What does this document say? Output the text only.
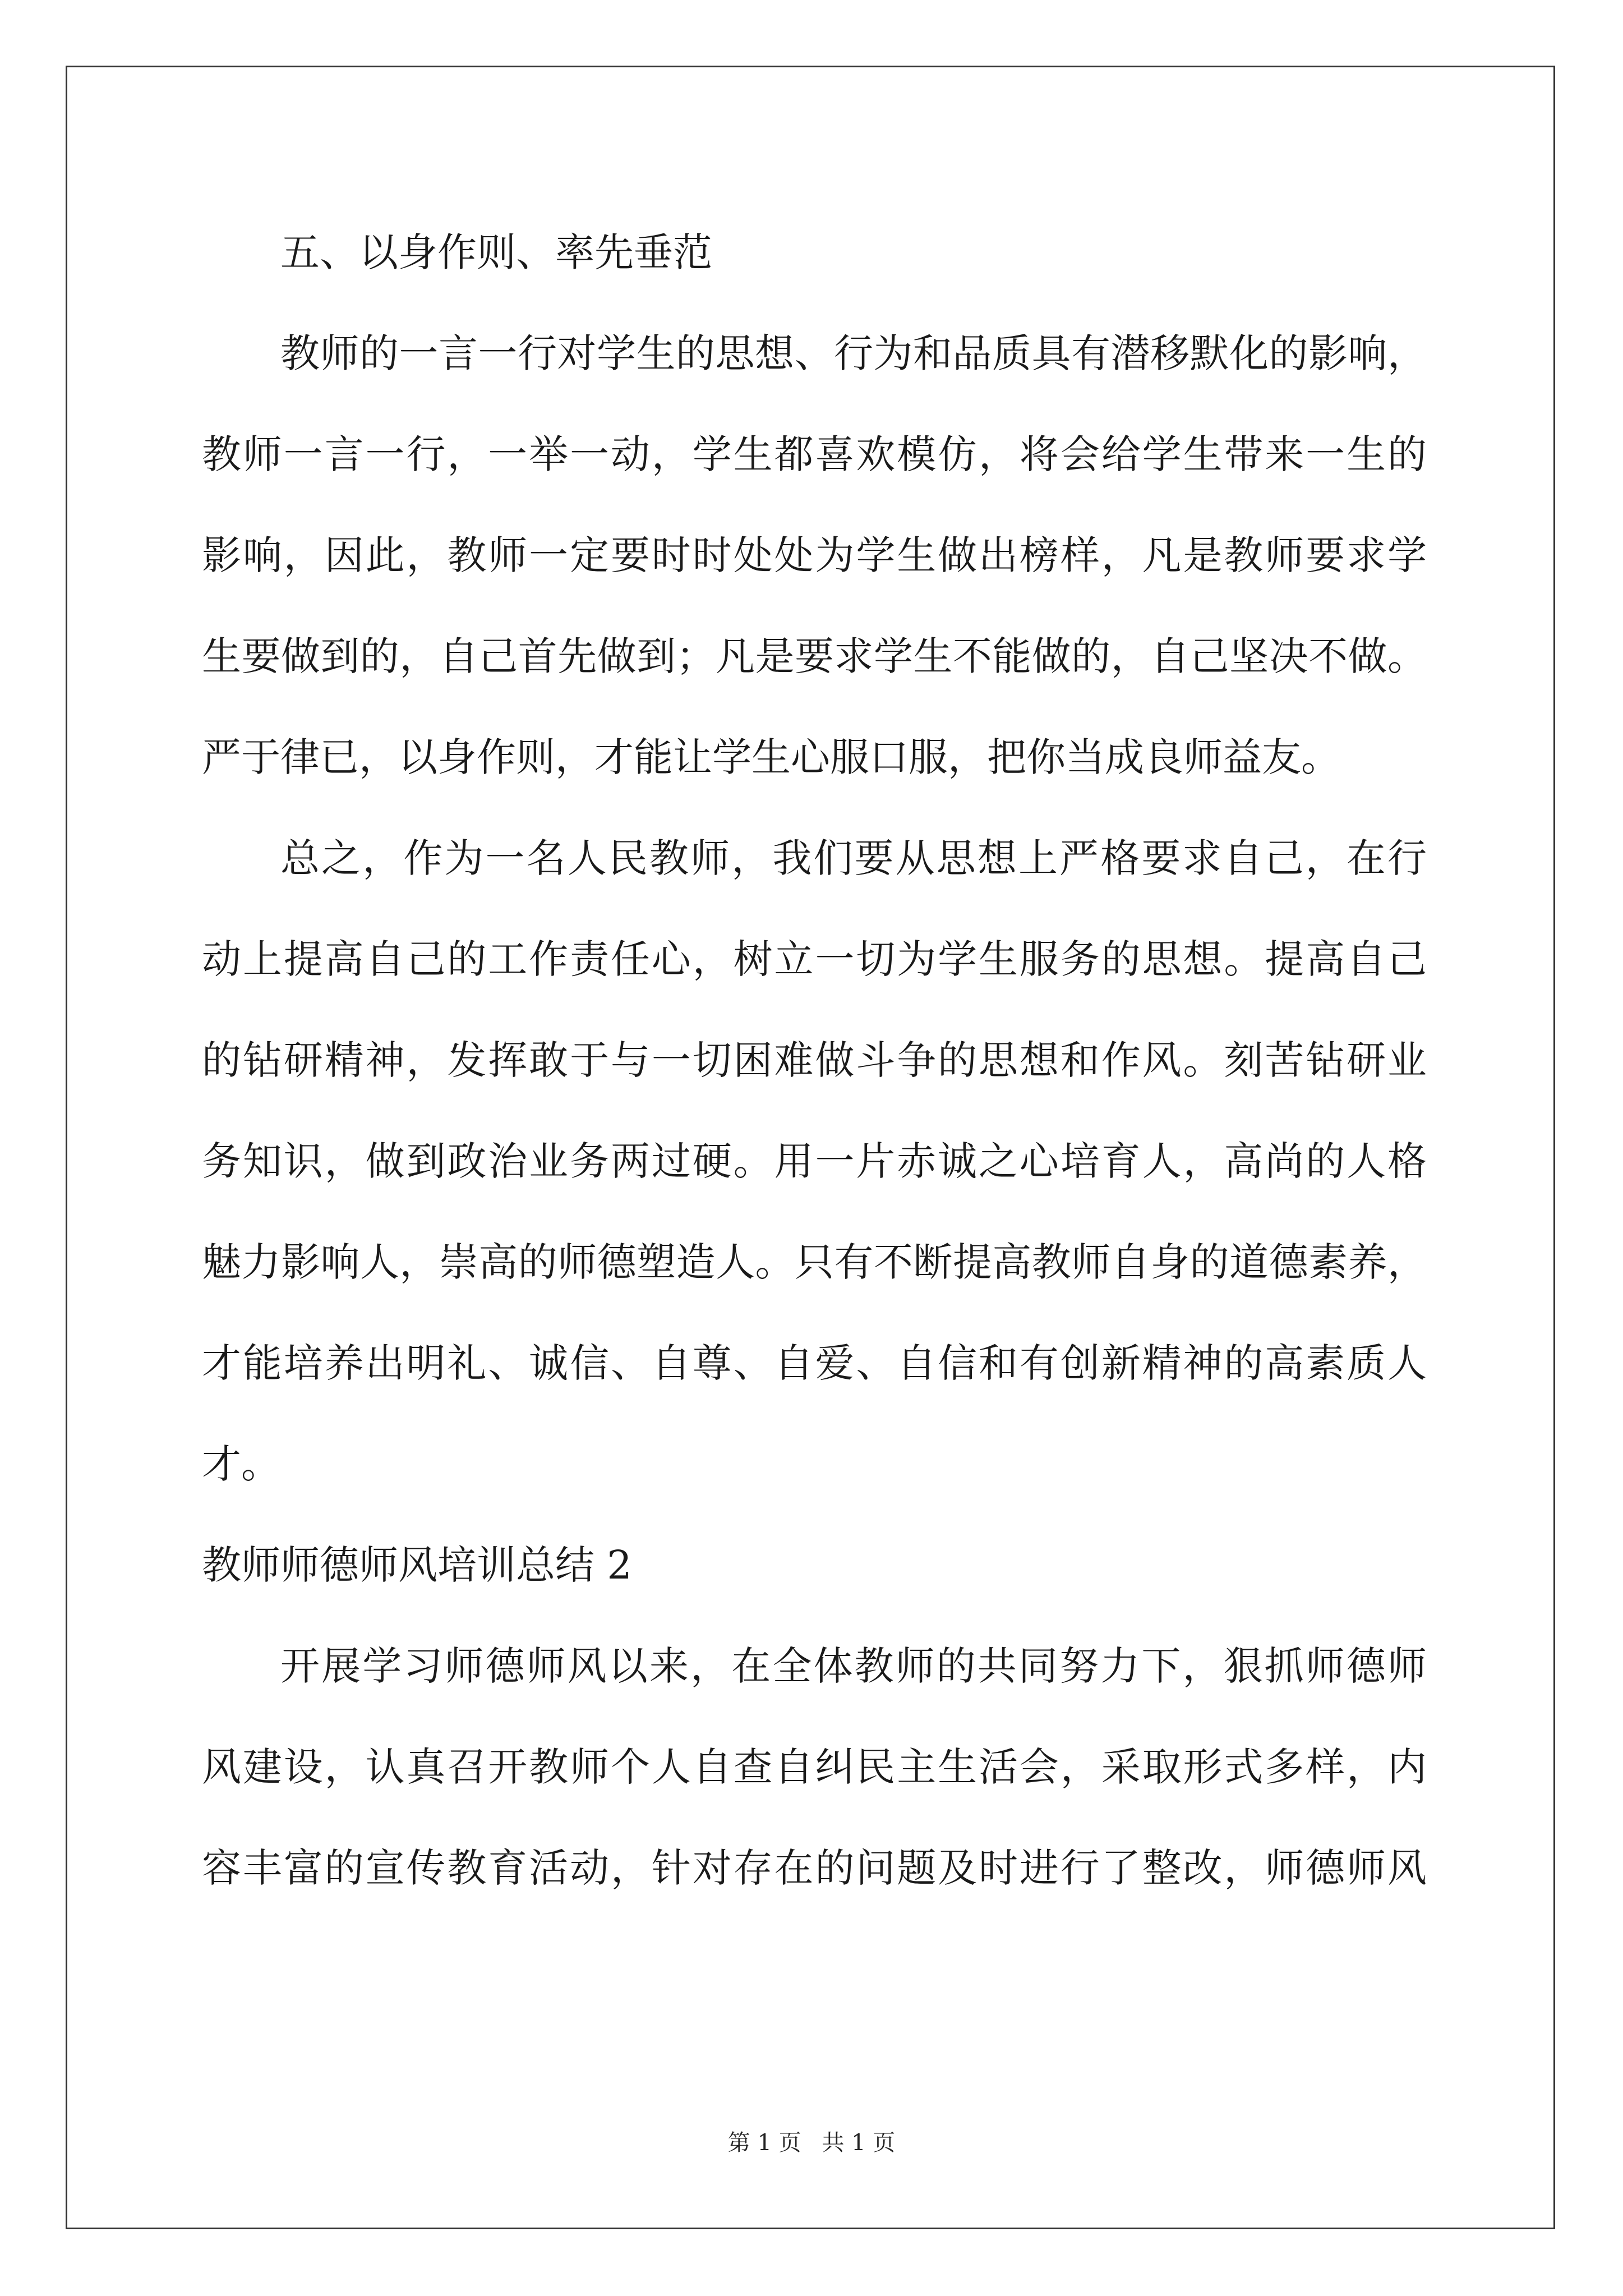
五、以身作则、率先垂范
教师的一言一行对学生的思想、行为和品质具有潜移默化的影响，
教师一言一行，一举一动，学生都喜欢模仿，将会给学生带来一生的
影响，因此，教师一定要时时处处为学生做出榜样，凡是教师要求学
生要做到的，自己首先做到；凡是要求学生不能做的，自己坚决不做。
严于律已，以身作则，才能让学生心服口服，把你当成良师益友。
总之，作为一名人民教师，我们要从思想上严格要求自己，在行
动上提高自己的工作责任心，树立一切为学生服务的思想。提高自己
的钻研精神，发挥敢于与一切困难做斗争的思想和作风。刻苦钻研业
务知识，做到政治业务两过硬。用一片赤诚之心培育人，高尚的人格
魅力影响人，崇高的师德塑造人。只有不断提高教师自身的道德素养，
才能培养出明礼、诚信、自尊、自爱、自信和有创新精神的高素质人
才。
教师师德师风培训总结 2
开展学习师德师风以来，在全体教师的共同努力下，狠抓师德师
风建设，认真召开教师个人自查自纠民主生活会，采取形式多样，内
容丰富的宣传教育活动，针对存在的问题及时进行了整改，师德师风
第 1 页 共 1 页
